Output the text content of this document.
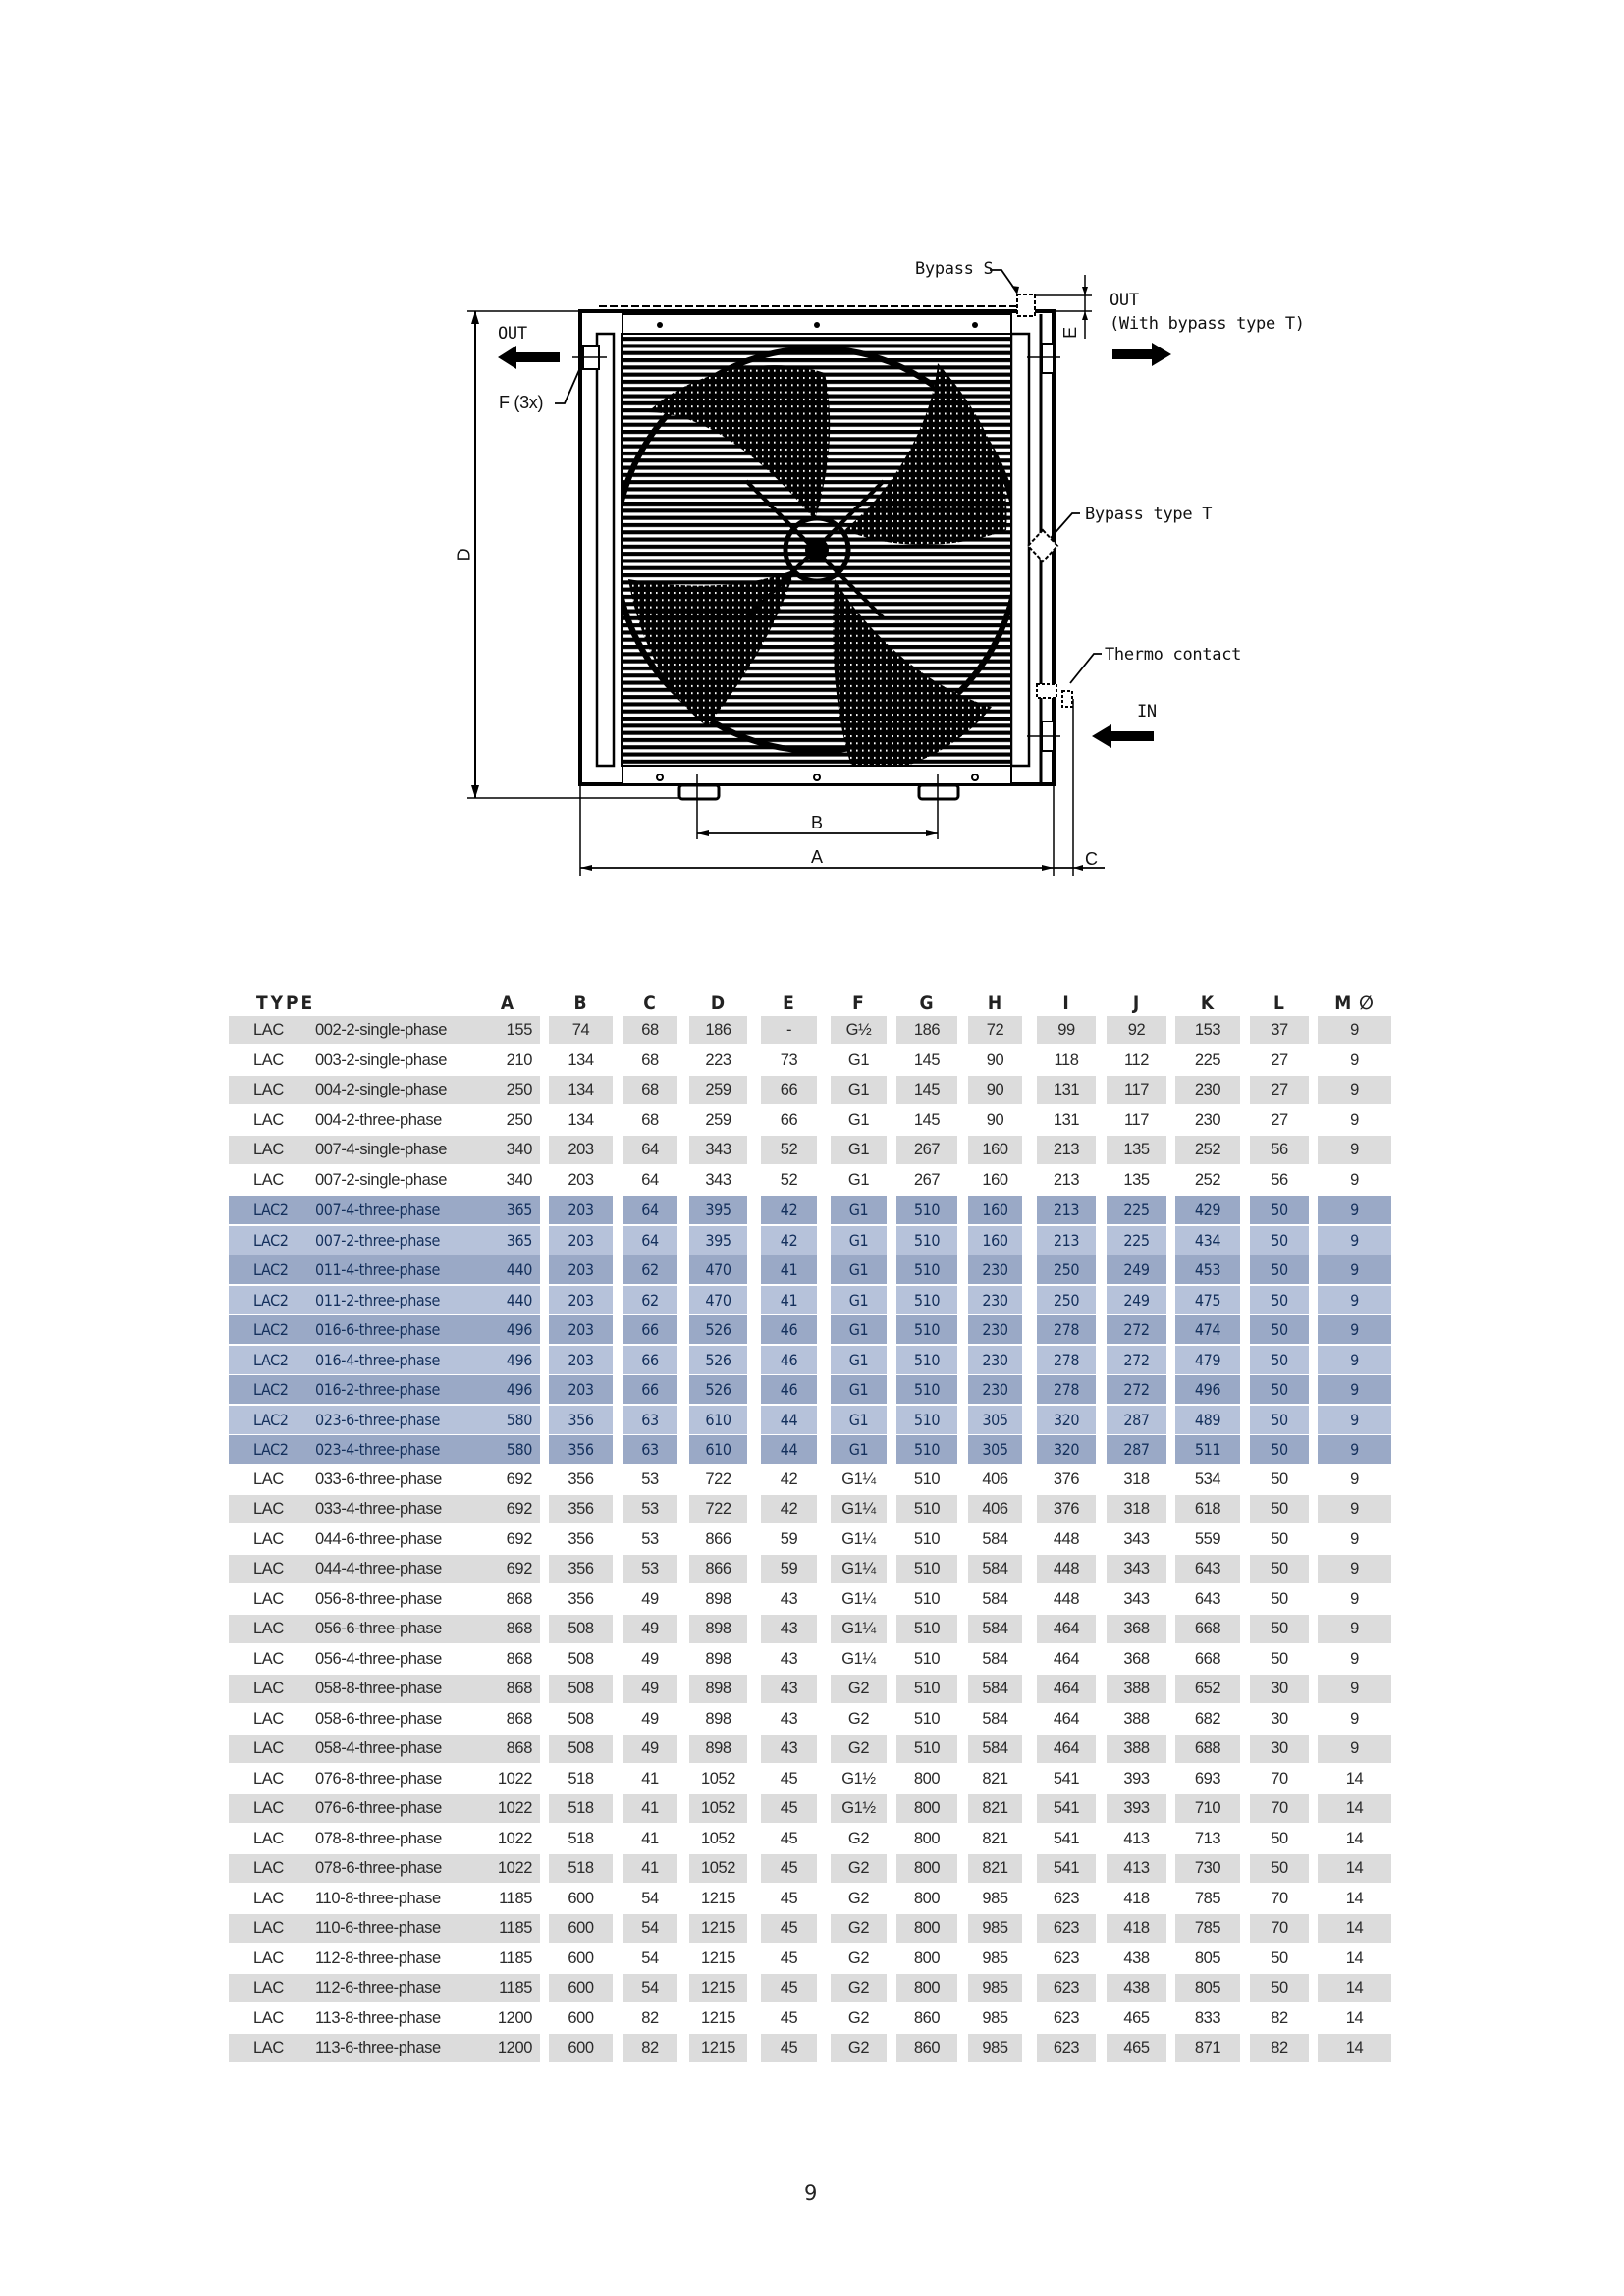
Bypass S
OUT
(With bypass type T)
OUT
F (3x)
Bypass type T
Thermo contact
IN
A
B
C
D
E
TYPE	A	B	C	D	E	F	G	H	I	J	K	L	M ∅
LAC 002-2-single-phase	155	74	68	186	-	G½	186	72	99	92	153	37	9
LAC 003-2-single-phase	210	134	68	223	73	G1	145	90	118	112	225	27	9
LAC 004-2-single-phase	250	134	68	259	66	G1	145	90	131	117	230	27	9
LAC 004-2-three-phase	250	134	68	259	66	G1	145	90	131	117	230	27	9
LAC 007-4-single-phase	340	203	64	343	52	G1	267	160	213	135	252	56	9
LAC 007-2-single-phase	340	203	64	343	52	G1	267	160	213	135	252	56	9
LAC2 007-4-three-phase	365	203	64	395	42	G1	510	160	213	225	429	50	9
LAC2 007-2-three-phase	365	203	64	395	42	G1	510	160	213	225	434	50	9
LAC2 011-4-three-phase	440	203	62	470	41	G1	510	230	250	249	453	50	9
LAC2 011-2-three-phase	440	203	62	470	41	G1	510	230	250	249	475	50	9
LAC2 016-6-three-phase	496	203	66	526	46	G1	510	230	278	272	474	50	9
LAC2 016-4-three-phase	496	203	66	526	46	G1	510	230	278	272	479	50	9
LAC2 016-2-three-phase	496	203	66	526	46	G1	510	230	278	272	496	50	9
LAC2 023-6-three-phase	580	356	63	610	44	G1	510	305	320	287	489	50	9
LAC2 023-4-three-phase	580	356	63	610	44	G1	510	305	320	287	511	50	9
LAC 033-6-three-phase	692	356	53	722	42	G1¼	510	406	376	318	534	50	9
LAC 033-4-three-phase	692	356	53	722	42	G1¼	510	406	376	318	618	50	9
LAC 044-6-three-phase	692	356	53	866	59	G1¼	510	584	448	343	559	50	9
LAC 044-4-three-phase	692	356	53	866	59	G1¼	510	584	448	343	643	50	9
LAC 056-8-three-phase	868	356	49	898	43	G1¼	510	584	448	343	643	50	9
LAC 056-6-three-phase	868	508	49	898	43	G1¼	510	584	464	368	668	50	9
LAC 056-4-three-phase	868	508	49	898	43	G1¼	510	584	464	368	668	50	9
LAC 058-8-three-phase	868	508	49	898	43	G2	510	584	464	388	652	30	9
LAC 058-6-three-phase	868	508	49	898	43	G2	510	584	464	388	682	30	9
LAC 058-4-three-phase	868	508	49	898	43	G2	510	584	464	388	688	30	9
LAC 076-8-three-phase	1022	518	41	1052	45	G1½	800	821	541	393	693	70	14
LAC 076-6-three-phase	1022	518	41	1052	45	G1½	800	821	541	393	710	70	14
LAC 078-8-three-phase	1022	518	41	1052	45	G2	800	821	541	413	713	50	14
LAC 078-6-three-phase	1022	518	41	1052	45	G2	800	821	541	413	730	50	14
LAC 110-8-three-phase	1185	600	54	1215	45	G2	800	985	623	418	785	70	14
LAC 110-6-three-phase	1185	600	54	1215	45	G2	800	985	623	418	785	70	14
LAC 112-8-three-phase	1185	600	54	1215	45	G2	800	985	623	438	805	50	14
LAC 112-6-three-phase	1185	600	54	1215	45	G2	800	985	623	438	805	50	14
LAC 113-8-three-phase	1200	600	82	1215	45	G2	860	985	623	465	833	82	14
LAC 113-6-three-phase	1200	600	82	1215	45	G2	860	985	623	465	871	82	14
9
